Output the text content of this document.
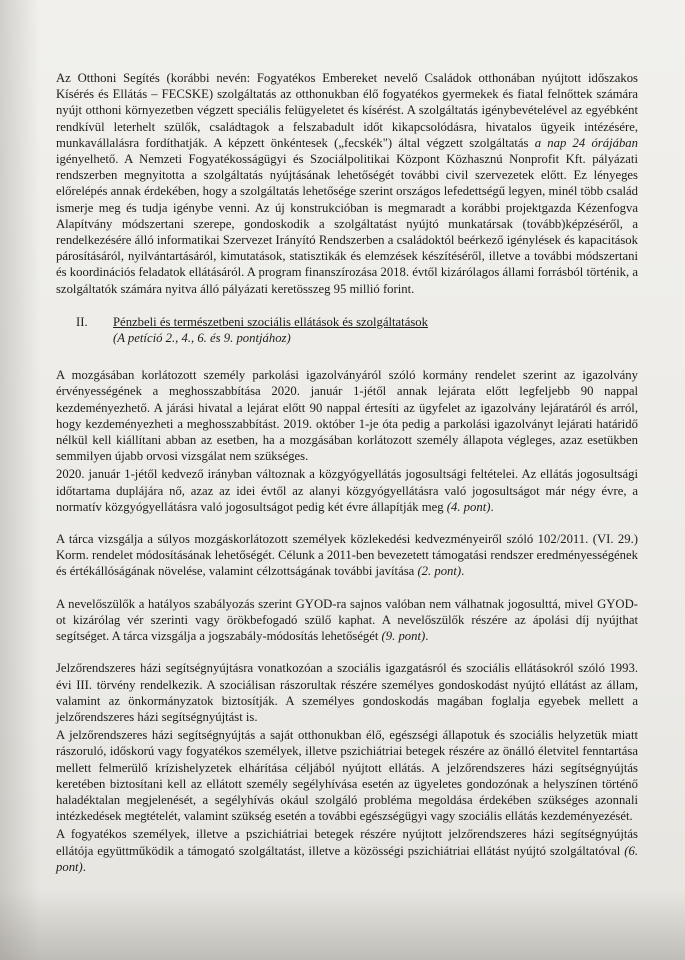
Az Otthoni Segítés (korábbi nevén: Fogyatékos Embereket nevelő Családok otthonában nyújtott időszakos Kísérés és Ellátás – FECSKE) szolgáltatás az otthonukban élő fogyatékos gyermekek és fiatal felnőttek számára nyújt otthoni környezetben végzett speciális felügyeletet és kísérést. A szolgáltatás igénybevételével az egyébként rendkívül leterhelt szülők, családtagok a felszabadult időt kikapcsolódásra, hivatalos ügyeik intézésére, munkavállalásra fordíthatják. A képzett önkéntesek („fecskék") által végzett szolgáltatás a nap 24 órájában igényelhető. A Nemzeti Fogyatékosságügyi és Szociálpolitikai Központ Közhasznú Nonprofit Kft. pályázati rendszerben megnyitotta a szolgáltatás nyújtásának lehetőségét további civil szervezetek előtt. Ez lényeges előrelépés annak érdekében, hogy a szolgáltatás lehetősége szerint országos lefedettségű legyen, minél több család ismerje meg és tudja igénybe venni. Az új konstrukcióban is megmaradt a korábbi projektgazda Kézenfogva Alapítvány módszertani szerepe, gondoskodik a szolgáltatást nyújtó munkatársak (tovább)képzéséről, a rendelkezésére álló informatikai Szervezet Irányító Rendszerben a családoktól beérkező igénylések és kapacitások párosításáról, nyilvántartásáról, kimutatások, statisztikák és elemzések készítéséről, illetve a további módszertani és koordinációs feladatok ellátásáról. A program finanszírozása 2018. évtől kizárólagos állami forrásból történik, a szolgáltatók számára nyitva álló pályázati keretösszeg 95 millió forint.

II. Pénzbeli és természetbeni szociális ellátások és szolgáltatások
(A petíció 2., 4., 6. és 9. pontjához)

A mozgásában korlátozott személy parkolási igazolványáról szóló kormány rendelet szerint az igazolvány érvényességének a meghosszabbítása 2020. január 1-jétől annak lejárata előtt legfeljebb 90 nappal kezdeményezhető. A járási hivatal a lejárat előtt 90 nappal értesíti az ügyfelet az igazolvány lejáratáról és arról, hogy kezdeményezheti a meghosszabbítást. 2019. október 1-je óta pedig a parkolási igazolványt lejárati határidő nélkül kell kiállítani abban az esetben, ha a mozgásában korlátozott személy állapota végleges, azaz esetükben semmilyen újabb orvosi vizsgálat nem szükséges.

2020. január 1-jétől kedvező irányban változnak a közgyógyellátás jogosultsági feltételei. Az ellátás jogosultsági időtartama duplájára nő, azaz az idei évtől az alanyi közgyógyellátásra való jogosultságot már négy évre, a normatív közgyógyellátásra való jogosultságot pedig két évre állapítják meg (4. pont).

A tárca vizsgálja a súlyos mozgáskorlátozott személyek közlekedési kedvezményeiről szóló 102/2011. (VI. 29.) Korm. rendelet módosításának lehetőségét. Célunk a 2011-ben bevezetett támogatási rendszer eredményességének és értékállóságának növelése, valamint célzottságának további javítása (2. pont).

A nevelőszülők a hatályos szabályozás szerint GYOD-ra sajnos valóban nem válhatnak jogosulttá, mivel GYOD-ot kizárólag vér szerinti vagy örökbefogadó szülő kaphat. A nevelőszülők részére az ápolási díj nyújthat segítséget. A tárca vizsgálja a jogszabály-módosítás lehetőségét (9. pont).

Jelzőrendszeres házi segítségnyújtásra vonatkozóan a szociális igazgatásról és szociális ellátásokról szóló 1993. évi III. törvény rendelkezik. A szociálisan rászorultak részére személyes gondoskodást nyújtó ellátást az állam, valamint az önkormányzatok biztosítják. A személyes gondoskodás magában foglalja egyebek mellett a jelzőrendszeres házi segítségnyújtást is.

A jelzőrendszeres házi segítségnyújtás a saját otthonukban élő, egészségi állapotuk és szociális helyzetük miatt rászoruló, időskorú vagy fogyatékos személyek, illetve pszichiátriai betegek részére az önálló életvitel fenntartása mellett felmerülő krízishelyzetek elhárítása céljából nyújtott ellátás. A jelzőrendszeres házi segítségnyújtás keretében biztosítani kell az ellátott személy segélyhívása esetén az ügyeletes gondozónak a helyszínen történő haladéktalan megjelenését, a segélyhívás okául szolgáló probléma megoldása érdekében szükséges azonnali intézkedések megtételét, valamint szükség esetén a további egészségügyi vagy szociális ellátás kezdeményezését.

A fogyatékos személyek, illetve a pszichiátriai betegek részére nyújtott jelzőrendszeres házi segítségnyújtás ellátója együttműködik a támogató szolgáltatást, illetve a közösségi pszichiátriai ellátást nyújtó szolgáltatóval (6. pont).
